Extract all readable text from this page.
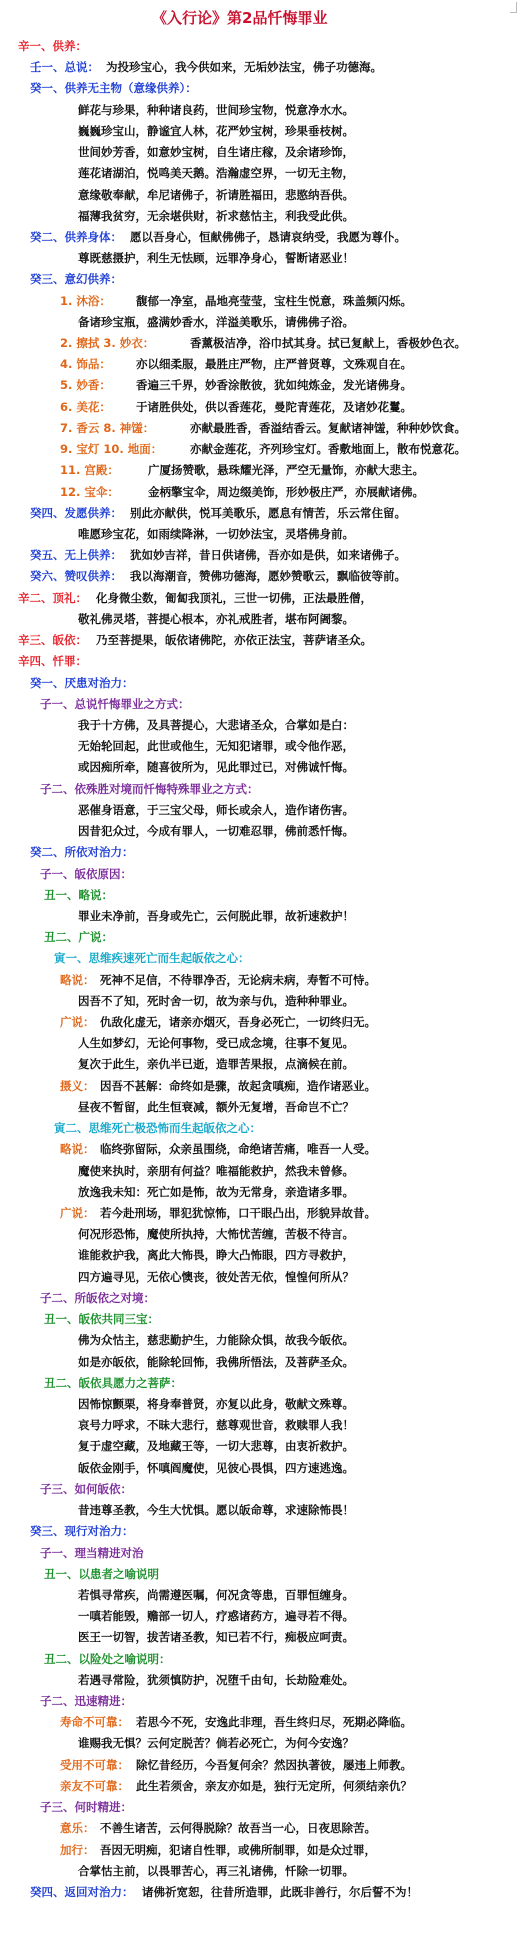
《入行论》第2品忏悔罪业
辛一、供养：
壬一、总说： 为投珍宝心，我今供如来，无垢妙法宝，佛子功德海。
癸一、供养无主物（意缘供养）：
鲜花与珍果，种种诸良药，世间珍宝物，悦意净水水。
巍巍珍宝山，静谧宜人林，花严妙宝树，珍果垂枝树。
世间妙芳香，如意妙宝树，自生诸庄稼，及余诸珍饰，
莲花诸湖泊，悦鸣美天鹅。浩瀚虚空界，一切无主物，
意缘敬奉献，牟尼诸佛子，祈请胜福田，悲愍纳吾供。
福薄我贫穷，无余堪供财，祈求慈怙主，利我受此供。
癸二、供养身体： 愿以吾身心，恒献佛佛子，恳请哀纳受，我愿为尊仆。
尊既慈摄护，利生无怯顾，远罪净身心，誓断诸恶业！
癸三、意幻供养：
1. 沐浴： 馥郁一净室，晶地亮莹莹，宝柱生悦意，珠盖频闪烁。
备诸珍宝瓶，盛满妙香水，洋溢美歌乐，请佛佛子浴。
2. 擦拭 3. 妙衣：	香薰极洁净，浴巾拭其身。拭已复献上，香极妙色衣。
4. 饰品： 亦以细柔服，最胜庄严物，庄严普贤尊，文殊观自在。
5. 妙香： 香遍三千界，妙香涂散彼，犹如纯炼金，发光诸佛身。
6. 美花： 于诸胜供处，供以香莲花，曼陀青莲花，及诸妙花鬘。
7. 香云 8. 神馐：	亦献最胜香，香溢结香云。复献诸神馐，种种妙饮食。
9. 宝灯 10. 地面： 亦献金莲花，齐列珍宝灯。香敷地面上，散布悦意花。
11. 宫殿：	广厦扬赞歌，悬珠耀光泽，严空无量饰，亦献大悲主。
12. 宝伞：	金柄擎宝伞，周边缀美饰，形妙极庄严，亦展献诸佛。
癸四、发愿供养： 别此亦献供，悦耳美歌乐，愿息有情苦，乐云常住留。
唯愿珍宝花，如雨续降淋，一切妙法宝，灵塔佛身前。
癸五、无上供养： 犹如妙吉祥，昔日供诸佛，吾亦如是供，如来诸佛子。
癸六、赞叹供养： 我以海潮音，赞佛功德海，愿妙赞歌云，飘临彼等前。
辛二、顶礼： 化身微尘数，匍匐我顶礼，三世一切佛，正法最胜僧，
敬礼佛灵塔，菩提心根本，亦礼戒胜者，堪布阿阇黎。
辛三、皈依： 乃至菩提果，皈依诸佛陀，亦依正法宝，菩萨诸圣众。
辛四、忏罪：
癸一、厌患对治力：
子一、总说忏悔罪业之方式：
我于十方佛，及具菩提心，大悲诸圣众，合掌如是白：
无始轮回起，此世或他生，无知犯诸罪，或令他作恶，
或因痴所牵，随喜彼所为，见此罪过已，对佛诚忏悔。
子二、依殊胜对境而忏悔特殊罪业之方式：
恶催身语意，于三宝父母，师长或余人，造作诸伤害。
因昔犯众过，今成有罪人，一切难忍罪，佛前悉忏悔。
癸二、所依对治力：
子一、皈依原因：
丑一、略说：
罪业未净前，吾身或先亡，云何脱此罪，故祈速救护！
丑二、广说：
寅一、思维疾速死亡而生起皈依之心：
略说： 死神不足信，不待罪净否，无论病未病，寿暂不可恃。
因吾不了知，死时舍一切，故为亲与仇，造种种罪业。
广说： 仇敌化虚无，诸亲亦烟灭，吾身必死亡，一切终归无。
人生如梦幻，无论何事物，受已成念境，往事不复见。
复次于此生，亲仇半已逝，造罪苦果报，点滴候在前。
摄义： 因吾不甚解：命终如是骤，故起贪嗔痴，造作诸恶业。
昼夜不暂留，此生恒衰减，额外无复增，吾命岂不亡？
寅二、思维死亡极恐怖而生起皈依之心：
略说： 临终弥留际，众亲虽围绕，命绝诸苦痛，唯吾一人受。
魔使来执时，亲朋有何益？唯福能救护，然我未曾修。
放逸我未知：死亡如是怖，故为无常身，亲造诸多罪。
广说： 若今赴刑场，罪犯犹惊怖，口干眼凸出，形貌异故昔。
何况形恐怖，魔使所执持，大怖忧苦缠，苦极不待言。
谁能救护我，离此大怖畏，睁大凸怖眼，四方寻救护，
四方遍寻见，无依心懊丧，彼处苦无依，惶惶何所从？
子二、所皈依之对境：
丑一、皈依共同三宝：
佛为众怙主，慈悲勤护生，力能除众惧，故我今皈依。
如是亦皈依，能除轮回怖，我佛所悟法，及菩萨圣众。
丑二、皈依具愿力之菩萨：
因怖惊颤栗，将身奉普贤，亦复以此身，敬献文殊尊。
哀号力呼求，不昧大悲行，慈尊观世音，救赎罪人我！
复于虚空藏，及地藏王等，一切大悲尊，由衷祈救护。
皈依金刚手，怀嗔阎魔使，见彼心畏惧，四方速逃逸。
子三、如何皈依：
昔违尊圣教，今生大忧惧。愿以皈命尊，求速除怖畏！
癸三、现行对治力：
子一、理当精进对治
丑一、以患者之喻说明
若惧寻常疾，尚需遵医嘱，何况贪等患，百罪恒缠身。
一嗔若能毁，赡部一切人，疗惑诸药方，遍寻若不得。
医王一切智，拔苦诸圣教，知已若不行，痴极应呵责。
丑二、以险处之喻说明：
若遇寻常险，犹须慎防护，况堕千由旬，长劫险难处。
子二、迅速精进：
寿命不可靠： 若思今不死，安逸此非理，吾生终归尽，死期必降临。
谁赐我无惧？云何定脱苦？倘若必死亡，为何今安逸？
受用不可靠： 除忆昔经历，今吾复何余？然因执著彼，屡违上师教。
亲友不可靠： 此生若须舍，亲友亦如是，独行无定所，何须结亲仇？
子三、何时精进：
意乐： 不善生诸苦，云何得脱除？故吾当一心，日夜思除苦。
加行： 吾因无明痴，犯诸自性罪，或佛所制罪，如是众过罪，
合掌怙主前，以畏罪苦心，再三礼诸佛，忏除一切罪。
癸四、返回对治力： 诸佛祈宽恕，往昔所造罪，此既非善行，尔后誓不为！
